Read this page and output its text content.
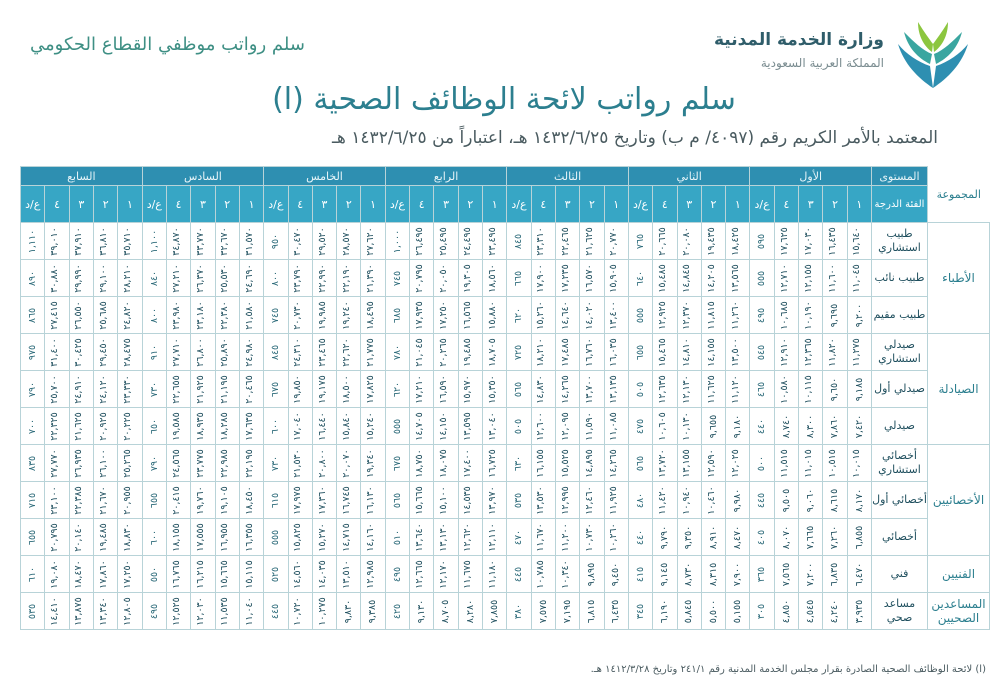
سلم رواتب موظفي القطاع الحكومي	وزارة الخدمة المدنية
المملكة العربية السعودية
سلم رواتب لائحة الوظائف الصحية (ا)
المعتمد بالأمر الكريم رقم (٤٠٩٧/ م ب) وتاريخ ١٤٣٢/٦/٢٥ هـ، اعتباراً من ١٤٣٢/٦/٢٥ هـ
المجموعة	المستوى	الأول					الثاني					الثالث					الرابع					الخامس					السادس					السابع				
	الفئة الدرجة	١	٢	٣	٤	ع/د	١	٢	٣	٤	ع/د	١	٢	٣	٤	ع/د	١	٢	٣	٤	ع/د	١	٢	٣	٤	ع/د	١	٢	٣	٤	ع/د	١	٢	٣	٤	ع/د
الأطباء	طبيب استشاري	١٥,٦٤٠	١٦,٤٣٥	١٧,٠٣٠	١٧,٦٢٥	٥٩٥	١٨,٤٢٥	١٩,٤٣٥	٢٠,٠٨٠	٢٠,٦٦٥	٧٦٥	٢٠,٧٧٠	٢١,٦٢٥	٢٢,٤٦٥	٢٣,٣١٠	٨٤٥	٢٣,٤٩٥	٢٤,٤٩٥	٢٥,٤٩٥	٢٦,٤٩٥	١,٠٠٠	٢٧,٦٢٠	٢٨,٥٧٠	٢٩,٥٢٠	٣٠,٤٧٠	٩٥٠	٣١,٥٧٠	٣٢,٦٧٠	٣٣,٧٧٠	٣٤,٨٧٠	١,١٠٠	٣٥,٧١٠	٣٦,٨١٠	٣٧,٩١٠	٣٩,٠١٠	١,١١٠
	طبيب نائب	١١,٠٤٥	١١,٦٠٠	١٢,١٥٥	١٢,٧١٠	٥٥٥	١٣,٥٦٥	١٤,٢٠٥	١٤,٨٤٥	١٥,٤٨٥	٦٤٠	١٥,٩٠٥	١٦,٥٧٠	١٧,٢٣٥	١٧,٩٠٠	٦٦٥	١٨,٥٦٠	١٩,٣٠٥	٢٠,٠٥٠	٢٠,٧٩٥	٧٤٥	٢١,٣٩٠	٢٢,١٩٠	٢٢,٩٩٠	٢٣,٧٩٠	٨٠٠	٢٤,٦٩٠	٢٥,٥٣٠	٢٦,٣٧٠	٢٧,٢١٠	٨٤٠	٢٨,٢١٠	٢٩,١٠٠	٢٩,٩٩٠	٣٠,٨٨٠	٨٩٠
	طبيب مقيم	٩,٢٠٠	٩,٦٩٥	١٠,١٩٠	١٠,٦٨٥	٤٩٥	١١,٢٦٠	١١,٨١٥	١٢,٣٧٠	١٢,٩٢٥	٥٥٥	١٣,٤٠٠	١٤,٠٢٠	١٤,٦٤٠	١٥,٢٦٠	٦٢٠	١٥,٨٨٠	١٦,٥٦٥	١٧,٢٥٠	١٧,٩٣٥	٦٨٥	١٨,٤٩٥	١٩,٢٤٠	١٩,٩٨٥	٢٠,٧٣٠	٧٤٥	٢١,٥٨٠	٢٢,٣٨٠	٢٣,١٨٠	٢٣,٩٨٠	٨٠٠	٢٤,٨٢٠	٢٥,٦٨٥	٢٦,٥٥٠	٢٧,٤١٥	٨٦٥
الصيادلة	صيدلي استشاري	١١,٢٧٥	١١,٨٢٠	١٢,٣٦٥	١٢,٩١٠	٥٤٥	١٣,٥٠٠	١٤,١٥٥	١٤,٨١٠	١٥,٤٦٥	٦٥٥	١٦,٠٣٥	١٦,٧٦٠	١٧,٤٨٥	١٨,٢١٠	٧٢٥	١٨,٧٠٥	١٩,٤٨٥	٢٠,٢٦٥	٢١,٠٤٥	٧٨٠	٢١,٧٧٥	٢٢,٦٢٠	٢٣,٤٦٥	٢٤,٣١٠	٨٤٥	٢٤,٩٨٠	٢٥,٨٩٠	٢٦,٨٠٠	٢٧,٧١٠	٩١٠	٢٨,٤٧٥	٢٩,٤٥٠	٣٠,٤٢٥	٣١,٤٠٠	٩٧٥
	صيدلي أول	٩,١٨٥	٩,٦٥٠	١٠,١١٥	١٠,٥٨٠	٤٦٥	١١,١٢٠	١١,٦٢٥	١٢,١٣٠	١٢,٦٣٥	٥٠٥	١٣,١٣٥	١٣,٧٠٠	١٤,٢٦٥	١٤,٨٣٠	٥٦٥	١٥,٣٥٠	١٥,٩٧٠	١٦,٥٩٠	١٧,٢١٠	٦٢٠	١٧,٨٢٥	١٨,٥٠٠	١٩,١٧٥	١٩,٨٥٠	٦٧٥	٢٠,٤٦٥	٢١,١٩٥	٢١,٩٢٥	٢٢,٦٥٥	٧٣٠	٢٣,٣٣٠	٢٤,١٢٠	٢٤,٩١٠	٢٥,٧٠٠	٧٩٠
	صيدلي	٧,٤٢٠	٧,٨٦٠	٨,٣٠٠	٨,٧٤٠	٤٤٠	٩,١٨٠	٩,٦٥٥	١٠,١٣٠	١٠,٦٠٥	٤٧٥	١١,٠٨٥	١١,٥٩٠	١٢,٠٩٥	١٢,٦٠٠	٥٠٥	١٣,٠٤٠	١٣,٥٩٥	١٤,١٥٠	١٤,٧٠٥	٥٥٥	١٥,٢٤٠	١٥,٨٤٠	١٦,٤٤٠	١٧,٠٤٠	٦٠٠	١٧,٦٣٥	١٨,٢٨٥	١٨,٩٣٥	١٩,٥٨٥	٦٥٠	٢٠,٢٢٥	٢٠,٩٢٥	٢١,٦٢٥	٢٢,٣٢٥	٧٠٠
الأخصائيين	أخصائي استشاري	١٠,٠١٥	١٠,٥١٥	١١,٠١٥	١١,٥١٥	٥٠٠	١٢,٠٢٥	١٢,٥٩٠	١٣,١٥٥	١٣,٧٢٠	٥٦٥	١٤,٢٦٥	١٤,٨٩٥	١٥,٥٢٥	١٦,١٥٥	٦٣٠	١٦,٧٢٥	١٧,٤٠٠	١٨,٠٧٥	١٨,٧٥٠	٦٧٥	١٩,٣٤٠	٢٠,٠٧٠	٢٠,٨٠٠	٢١,٥٣٠	٧٣٠	٢٢,١٩٥	٢٢,٩٨٥	٢٣,٧٧٥	٢٤,٥٦٥	٧٩٠	٢٥,٢٦٥	٢٦,١٠٠	٢٦,٩٣٥	٢٧,٧٧٠	٨٣٥
	أخصائي أول	٨,١٧٠	٨,٦١٥	٩,٠٦٠	٩,٥٠٥	٤٤٥	٩,٩٨٠	١٠,٤٦٠	١٠,٩٤٠	١١,٤٢٠	٤٨٠	١١,٩٢٥	١٢,٤٦٠	١٢,٩٩٥	١٣,٥٣٠	٥٣٥	١٣,٩٧٠	١٤,٥٣٥	١٥,١٠٠	١٥,٦٦٥	٥٦٥	١٦,١٣٠	١٦,٧٤٥	١٧,٣٦٠	١٧,٩٧٥	٦١٥	١٨,٤٥٠	١٩,١٠٥	١٩,٧٦٠	٢٠,٤١٥	٦٥٥	٢٠,٩٥٥	٢١,٦٧٠	٢٢,٣٨٥	٢٣,١٠٠	٧١٥
	أخصائي	٦,٨٥٥	٧,٢٦٠	٧,٦٦٥	٨,٠٧٠	٤٠٥	٨,٤٧٠	٨,٩١٠	٩,٣٥٠	٩,٧٩٠	٤٤٠	١٠,٢٦٠	١٠,٧٣٠	١١,٢٠٠	١١,٦٧٠	٤٧٠	١٢,١١٠	١٢,٦٢٠	١٣,١٣٠	١٣,٦٤٠	٥١٠	١٤,١٦٠	١٤,٧١٥	١٥,٢٧٠	١٥,٨٢٥	٥٥٥	١٦,٣٥٥	١٦,٩٥٥	١٧,٥٥٥	١٨,١٥٥	٦٠٠	١٨,٨٣٠	١٩,٤٨٥	٢٠,١٤٠	٢٠,٧٩٥	٦٥٥
الفنيين	فني	٦,٤٧٠	٦,٨٣٥	٧,٢٠٠	٧,٥٦٥	٣٦٥	٧,٩٠٠	٨,٣١٥	٨,٧٣٠	٩,١٤٥	٤١٥	٩,٤٥٠	٩,٨٩٥	١٠,٣٤٠	١٠,٧٨٥	٤٤٥	١١,١٨٠	١١,٦٧٥	١٢,١٧٠	١٢,٦٦٥	٤٩٥	١٢,٩٨٥	١٣,٥١٠	١٤,٠٣٥	١٤,٥٦٠	٥٢٥	١٥,١١٥	١٥,٦٦٥	١٦,٢١٥	١٦,٧٦٥	٥٥٠	١٧,٢٥٠	١٧,٨٦٠	١٨,٤٧٠	١٩,٠٨٠	٦١٠
المساعدين الصحيين	مساعد صحي	٣,٩٣٥	٤,٢٤٠	٤,٥٤٥	٤,٨٥٠	٣٠٥	٥,١٥٥	٥,٥٠٠	٥,٨٤٥	٦,١٩٠	٣٤٥	٦,٤٣٥	٦,٨١٥	٧,١٩٥	٧,٥٧٥	٣٨٠	٧,٨٥٥	٨,٢٨٠	٨,٧٠٥	٩,١٣٠	٤٢٥	٩,٣٨٥	٩,٨٣٠	١٠,٢٧٥	١٠,٧٢٠	٤٤٥	١١,٠٤٠	١١,٥٣٥	١٢,٠٣٠	١٢,٥٢٥	٤٩٥	١٢,٨٠٥	١٣,٣٤٠	١٣,٨٧٥	١٤,٤١٠	٥٣٥
(ا) لائحة الوظائف الصحية الصادرة بقرار مجلس الخدمة المدنية رقم ٢٤١/١ وتاريخ ١٤١٢/٣/٢٨ هـ.
